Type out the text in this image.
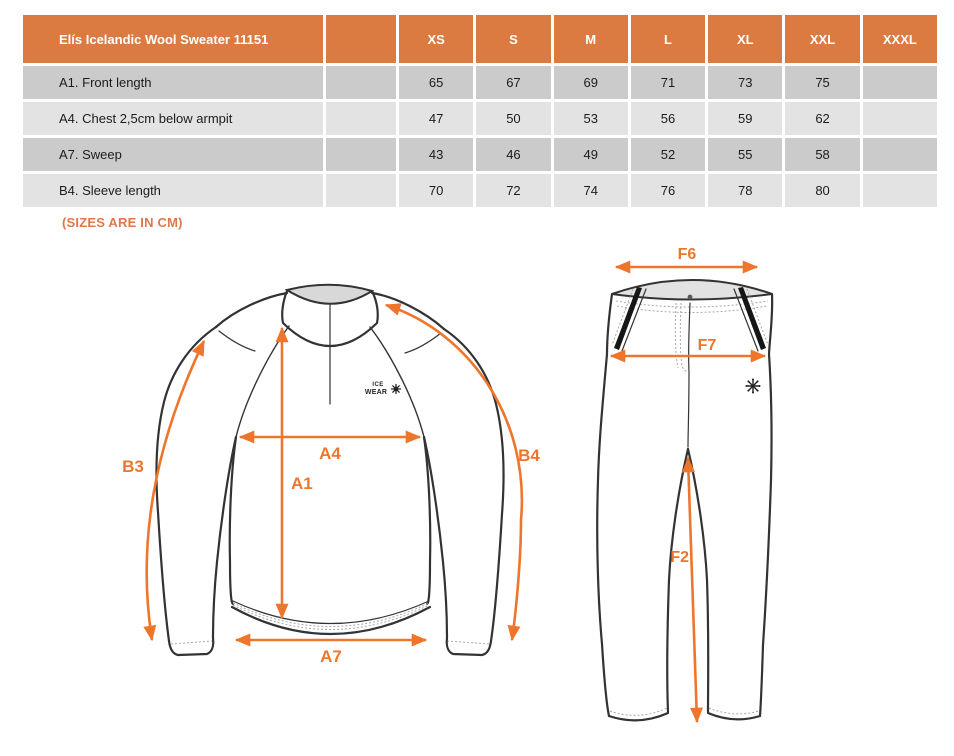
Elís Icelandic Wool Sweater 11151		XS	S	M	L	XL	XXL	XXXL
A1. Front length		65	67	69	71	73	75	
A4. Chest 2,5cm below armpit		47	50	53	56	59	62	
A7. Sweep		43	46	49	52	55	58	
B4. Sleeve length		70	72	74	76	78	80	
(SIZES ARE IN CM)
ICE
WEAR
B3
A4
A1
A7
B4
F6
F7
F2
